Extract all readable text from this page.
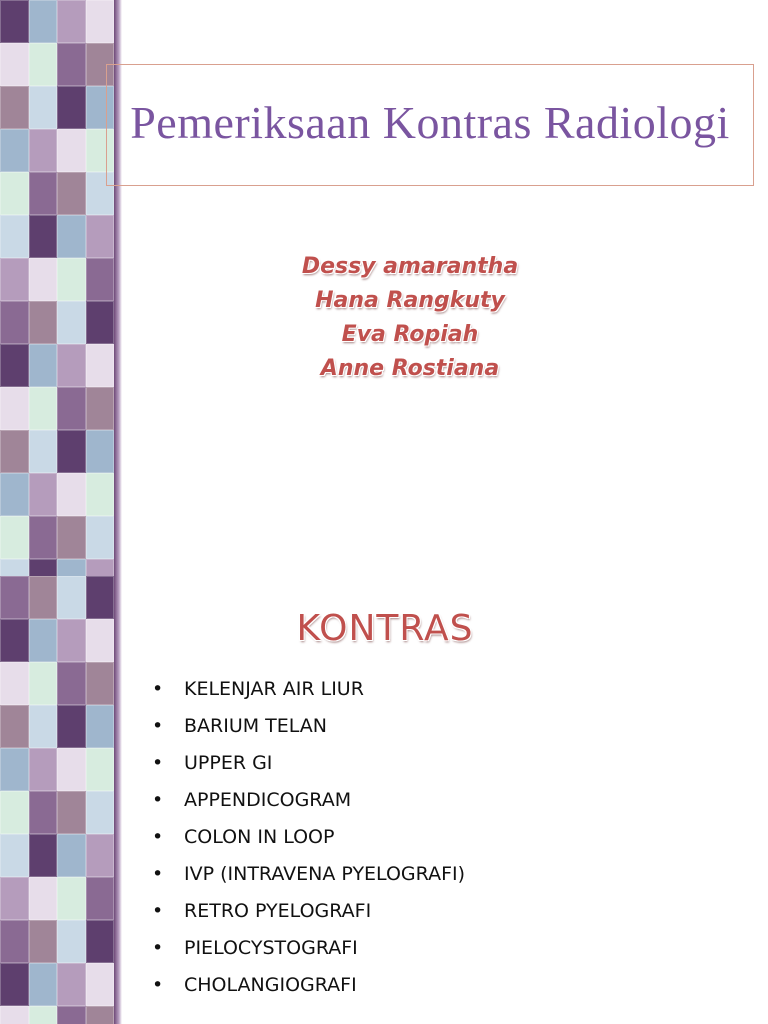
Pemeriksaan Kontras Radiologi
Dessy amarantha
Hana Rangkuty
Eva Ropiah
Anne Rostiana
KONTRAS
• KELENJAR AIR LIUR
• BARIUM TELAN
• UPPER GI
• APPENDICOGRAM
• COLON IN LOOP
• IVP (INTRAVENA PYELOGRAFI)
• RETRO PYELOGRAFI
• PIELOCYSTOGRAFI
• CHOLANGIOGRAFI
